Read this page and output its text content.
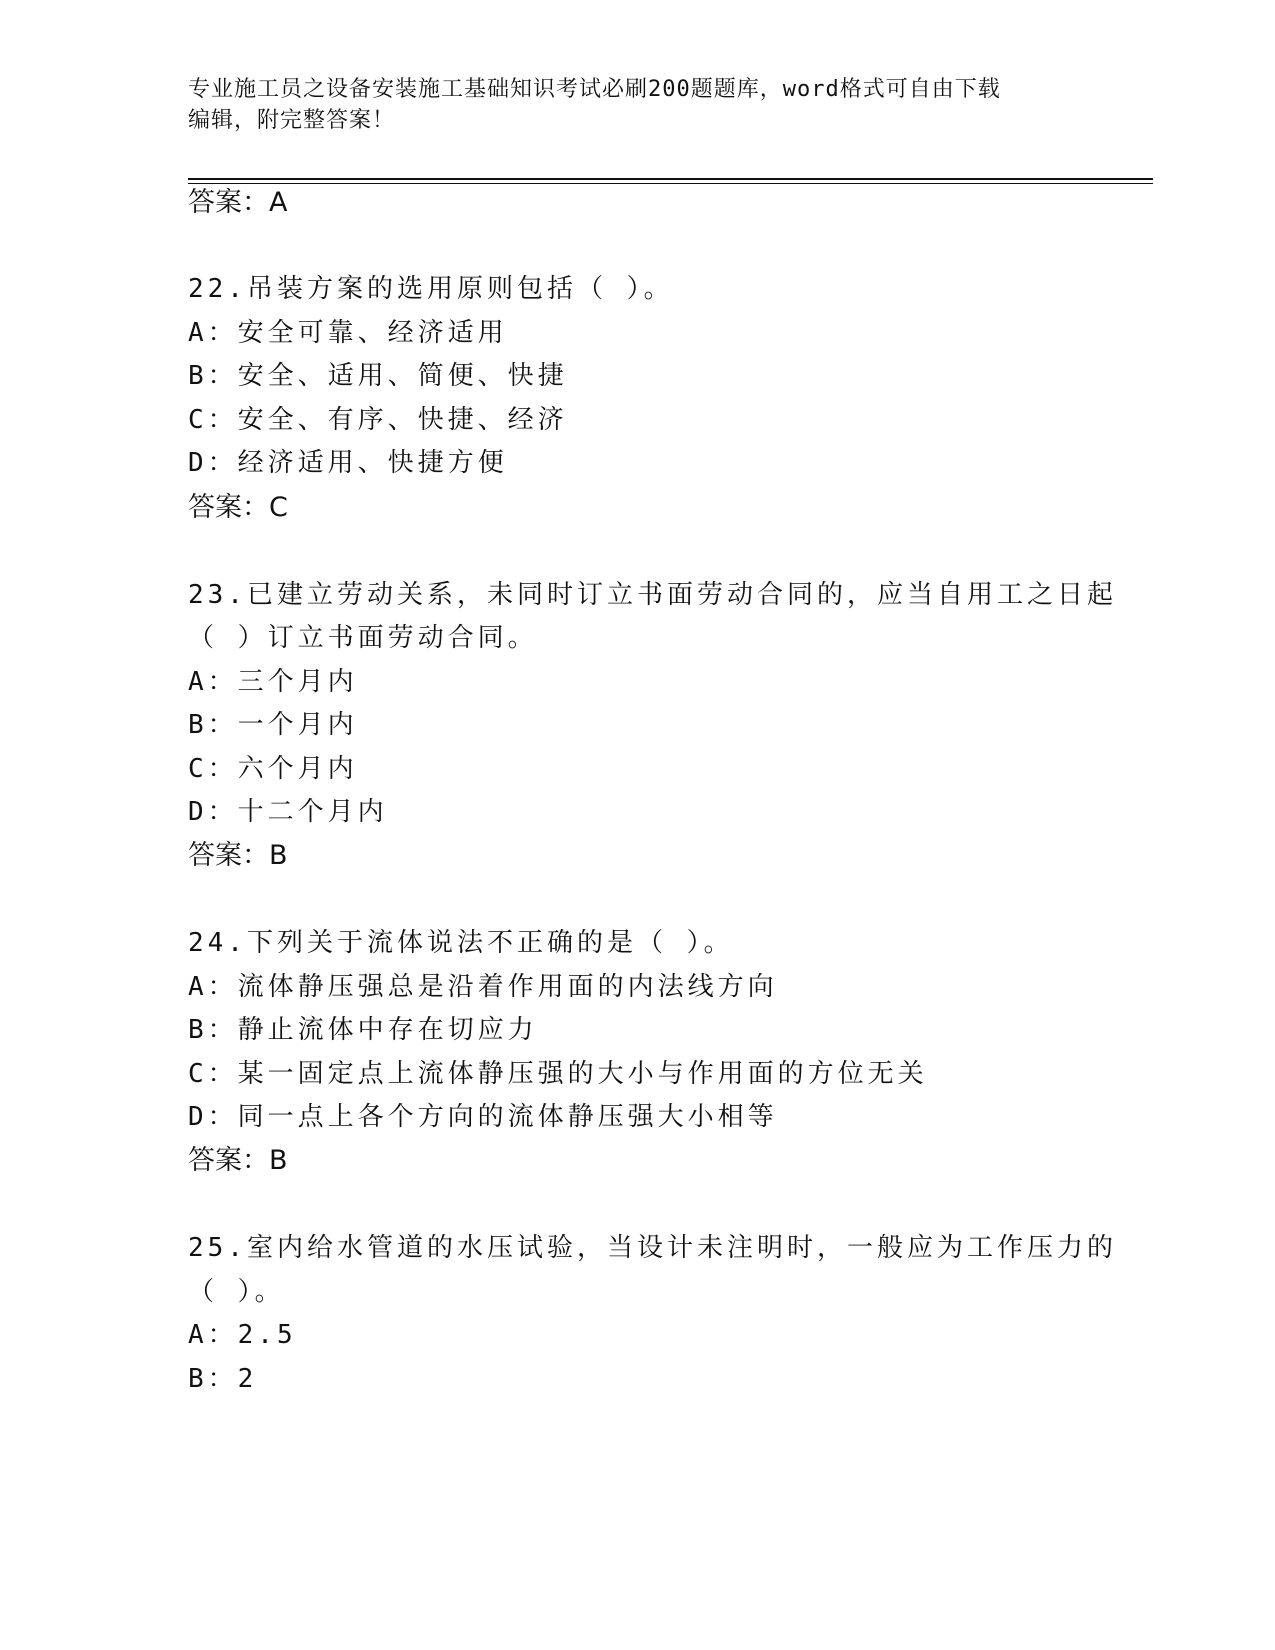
专业施工员之设备安装施工基础知识考试必刷200题题库，word格式可自由下载
编辑，附完整答案！
答案：A
22.吊装方案的选用原则包括（ ）。
A：安全可靠、经济适用
B：安全、适用、简便、快捷
C：安全、有序、快捷、经济
D：经济适用、快捷方便
答案：C
23.已建立劳动关系，未同时订立书面劳动合同的，应当自用工之日起
（ ）订立书面劳动合同。
A：三个月内
B：一个月内
C：六个月内
D：十二个月内
答案：B
24.下列关于流体说法不正确的是（ ）。
A：流体静压强总是沿着作用面的内法线方向
B：静止流体中存在切应力
C：某一固定点上流体静压强的大小与作用面的方位无关
D：同一点上各个方向的流体静压强大小相等
答案：B
25.室内给水管道的水压试验，当设计未注明时，一般应为工作压力的
（ ）。
A：2.5
B：2
